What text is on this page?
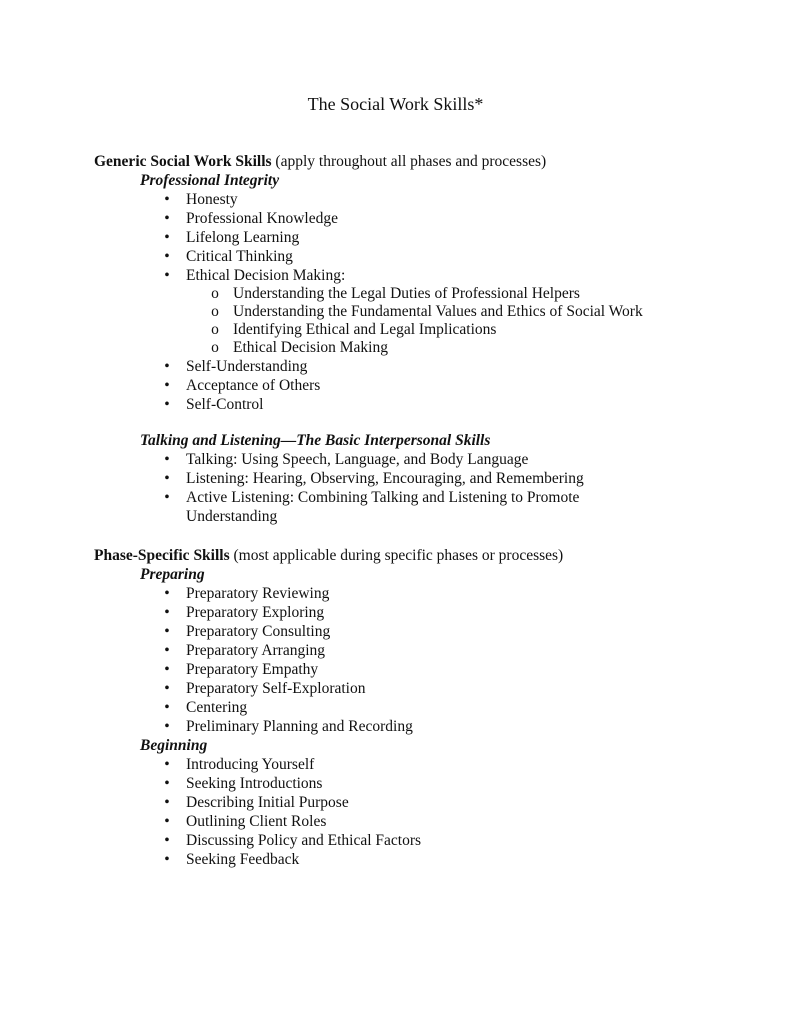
The Social Work Skills*

Generic Social Work Skills (apply throughout all phases and processes)

Professional Integrity

• Honesty
• Professional Knowledge
• Lifelong Learning
• Critical Thinking
• Ethical Decision Making:
o Understanding the Legal Duties of Professional Helpers
o Understanding the Fundamental Values and Ethics of Social Work
o Identifying Ethical and Legal Implications
o Ethical Decision Making
• Self-Understanding
• Acceptance of Others
• Self-Control

Talking and Listening—The Basic Interpersonal Skills

• Talking: Using Speech, Language, and Body Language
• Listening: Hearing, Observing, Encouraging, and Remembering
• Active Listening: Combining Talking and Listening to Promote Understanding

Phase-Specific Skills (most applicable during specific phases or processes)

Preparing

• Preparatory Reviewing
• Preparatory Exploring
• Preparatory Consulting
• Preparatory Arranging
• Preparatory Empathy
• Preparatory Self-Exploration
• Centering
• Preliminary Planning and Recording

Beginning

• Introducing Yourself
• Seeking Introductions
• Describing Initial Purpose
• Outlining Client Roles
• Discussing Policy and Ethical Factors
• Seeking Feedback
